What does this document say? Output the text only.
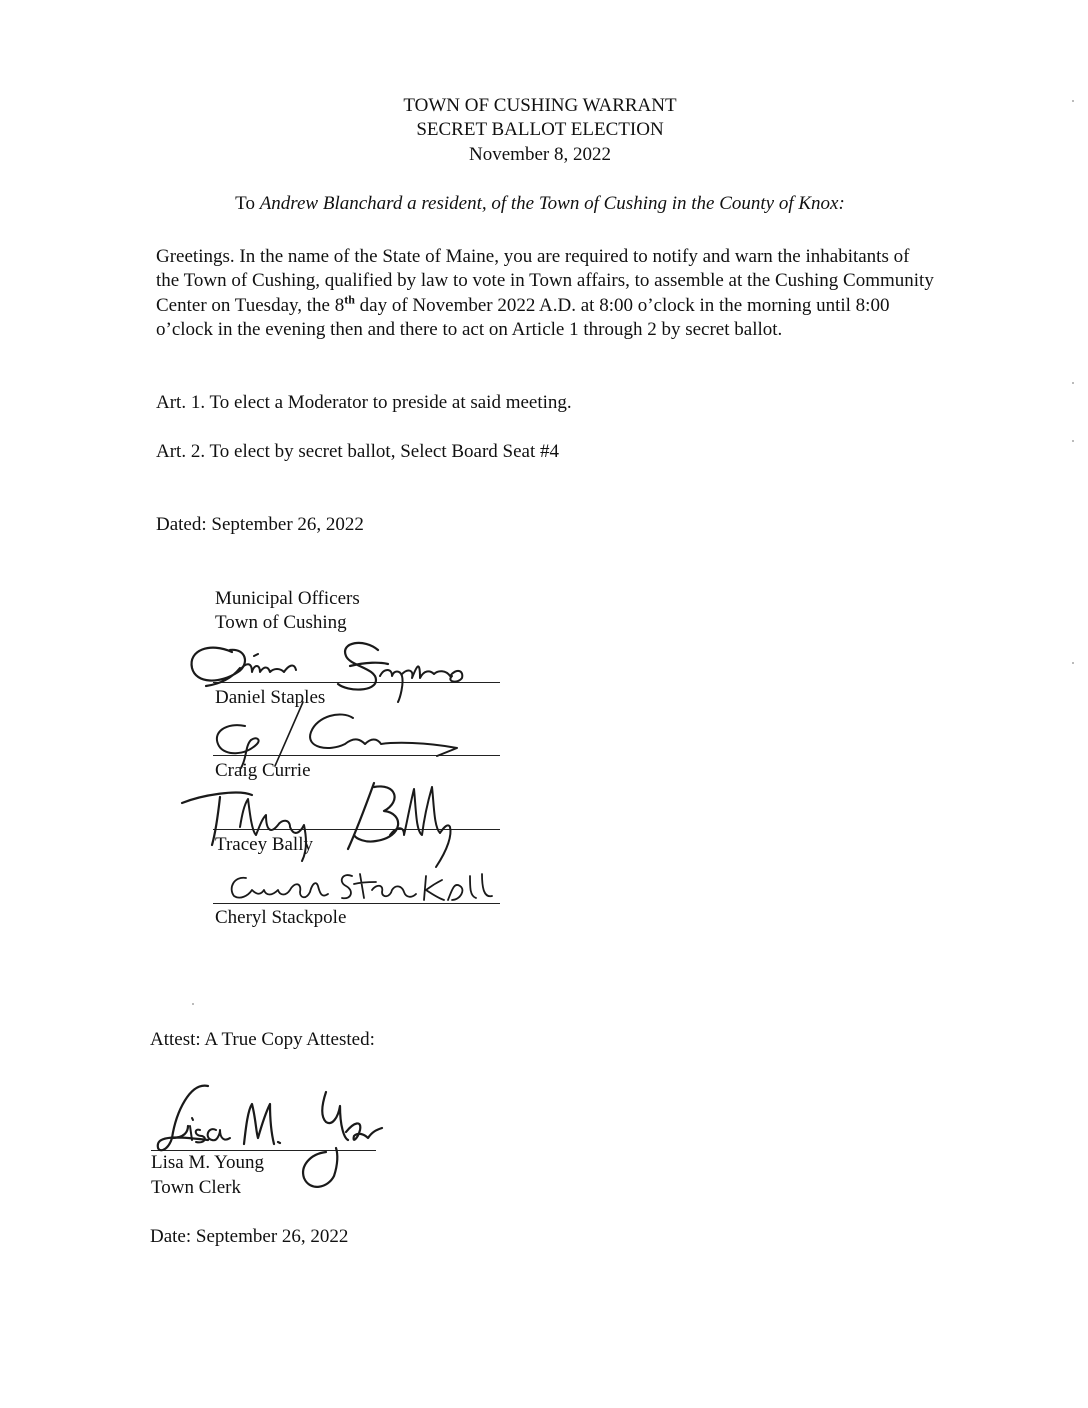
TOWN OF CUSHING WARRANT
SECRET BALLOT ELECTION
November 8, 2022
To Andrew Blanchard a resident, of the Town of Cushing in the County of Knox:
Greetings. In the name of the State of Maine, you are required to notify and warn the inhabitants of the Town of Cushing, qualified by law to vote in Town affairs, to assemble at the Cushing Community Center on Tuesday, the 8th day of November 2022 A.D. at 8:00 o’clock in the morning until 8:00 o’clock in the evening then and there to act on Article 1 through 2 by secret ballot.
Art. 1. To elect a Moderator to preside at said meeting.
Art. 2. To elect by secret ballot, Select Board Seat #4
Dated: September 26, 2022
Municipal Officers
Town of Cushing
Daniel Staples
Craig Currie
Tracey Bally
Cheryl Stackpole
Attest: A True Copy Attested:
Lisa M. Young
Town Clerk
Date: September 26, 2022
